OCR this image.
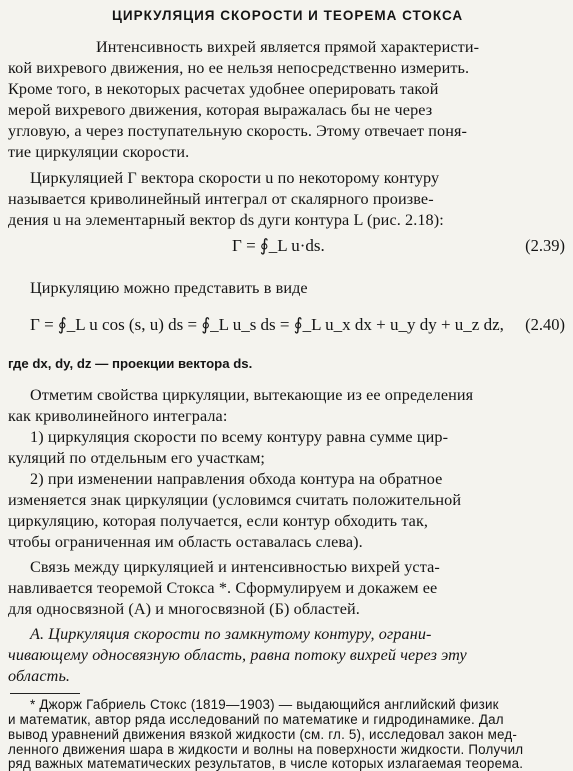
ЦИРКУЛЯЦИЯ СКОРОСТИ И ТЕОРЕМА СТОКСА
Интенсивность вихрей является прямой характеристи-
кой вихревого движения, но ее нельзя непосредственно измерить.
Кроме того, в некоторых расчетах удобнее оперировать такой
мерой вихревого движения, которая выражалась бы не через
угловую, а через поступательную скорость. Этому отвечает поня-
тие циркуляции скорости.
Циркуляцией Г вектора скорости u по некоторому контуру
называется криволинейный интеграл от скалярного произве-
дения u на элементарный вектор ds дуги контура L (рис. 2.18):
Г = ∮_L u·ds.	(2.39)
Циркуляцию можно представить в виде
Г = ∮_L u cos (s, u) ds = ∮_L u_s ds = ∮_L u_x dx + u_y dy + u_z dz,	(2.40)
где dx, dy, dz — проекции вектора ds.
Отметим свойства циркуляции, вытекающие из ее определения
как криволинейного интеграла:
1) циркуляция скорости по всему контуру равна сумме цир-
куляций по отдельным его участкам;
2) при изменении направления обхода контура на обратное
изменяется знак циркуляции (условимся считать положительной
циркуляцию, которая получается, если контур обходить так,
чтобы ограниченная им область оставалась слева).
Связь между циркуляцией и интенсивностью вихрей уста-
навливается теоремой Стокса *. Сформулируем и докажем ее
для односвязной (А) и многосвязной (Б) областей.
А. Циркуляция скорости по замкнутому контуру, ограни-
чивающему односвязную область, равна потоку вихрей через эту
область.
* Джорж Габриель Стокс (1819—1903) — выдающийся английский физик
и математик, автор ряда исследований по математике и гидродинамике. Дал
вывод уравнений движения вязкой жидкости (см. гл. 5), исследовал закон мед-
ленного движения шара в жидкости и волны на поверхности жидкости. Получил
ряд важных математических результатов, в числе которых излагаемая теорема.
